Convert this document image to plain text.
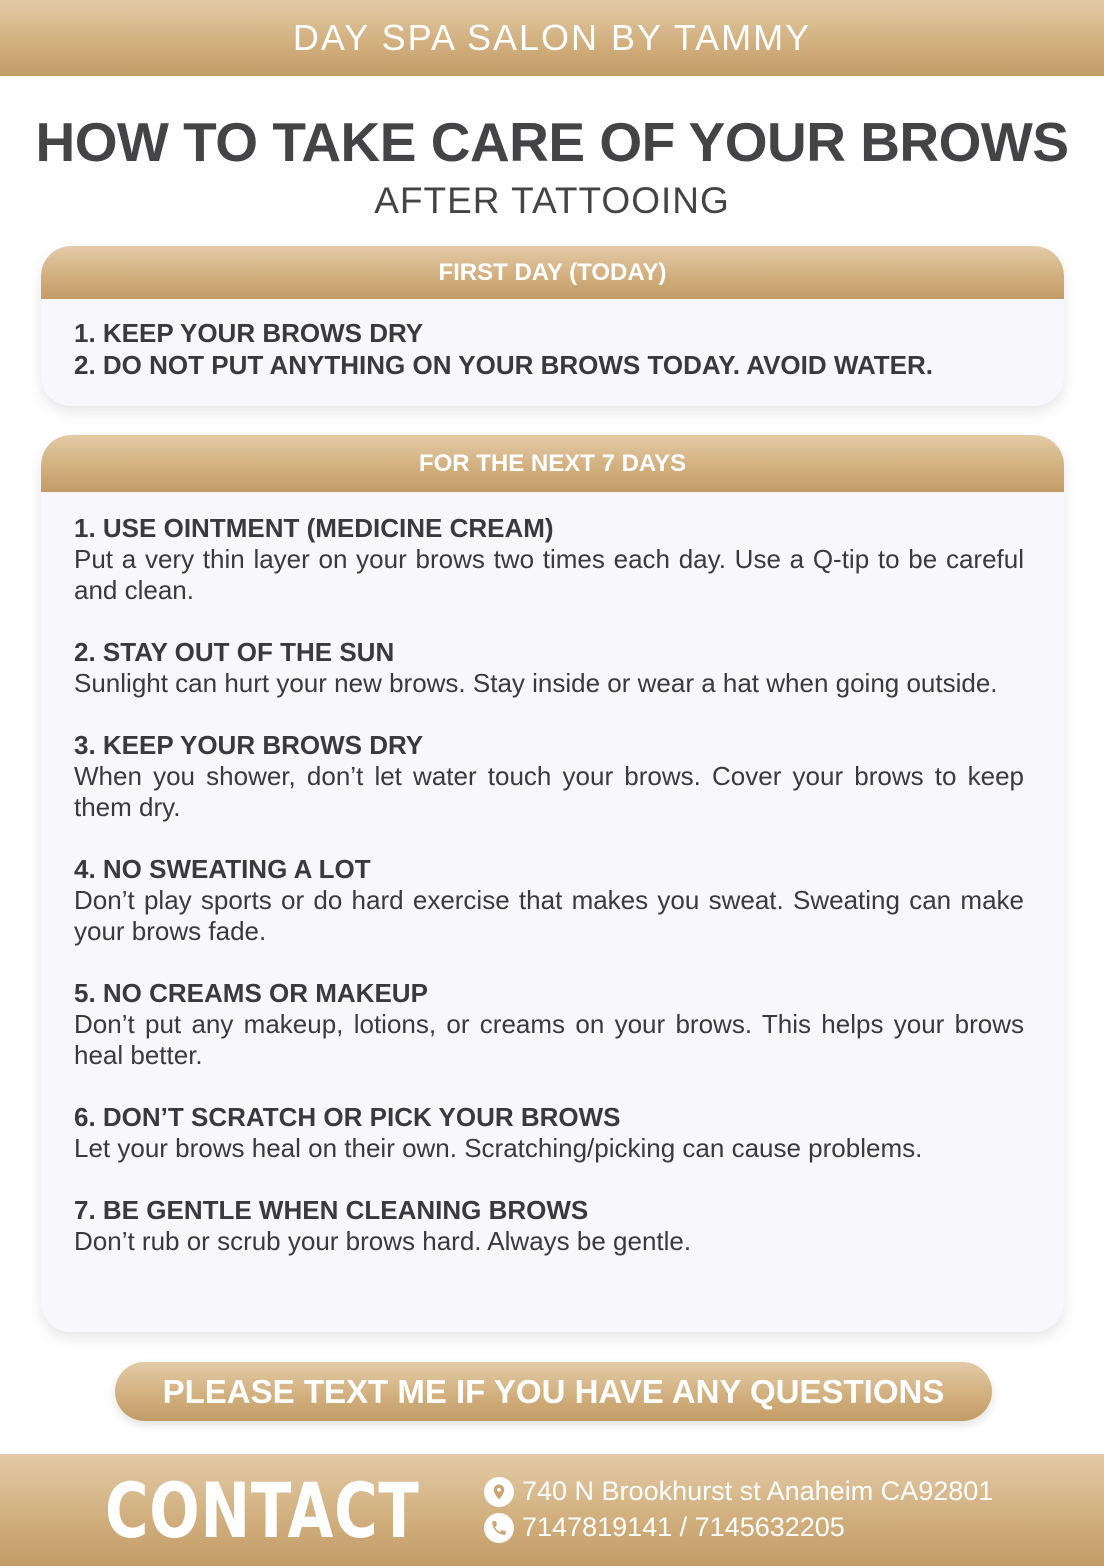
DAY SPA SALON BY TAMMY
HOW TO TAKE CARE OF YOUR BROWS
AFTER TATTOOING
FIRST DAY (TODAY)
1. KEEP YOUR BROWS DRY
2. DO NOT PUT ANYTHING ON YOUR BROWS TODAY. AVOID WATER.
FOR THE NEXT 7 DAYS
1. USE OINTMENT (MEDICINE CREAM)
Put a very thin layer on your brows two times each day. Use a Q-tip to be careful and clean.
2. STAY OUT OF THE SUN
Sunlight can hurt your new brows. Stay inside or wear a hat when going outside.
3. KEEP YOUR BROWS DRY
When you shower, don’t let water touch your brows. Cover your brows to keep them dry.
4. NO SWEATING A LOT
Don’t play sports or do hard exercise that makes you sweat. Sweating can make your brows fade.
5. NO CREAMS OR MAKEUP
Don’t put any makeup, lotions, or creams on your brows. This helps your brows heal better.
6. DON’T SCRATCH OR PICK YOUR BROWS
Let your brows heal on their own. Scratching/picking can cause problems.
7. BE GENTLE WHEN CLEANING BROWS
Don’t rub or scrub your brows hard. Always be gentle.
PLEASE TEXT ME IF YOU HAVE ANY QUESTIONS
CONTACT	740 N Brookhurst st Anaheim CA92801
7147819141 / 7145632205
